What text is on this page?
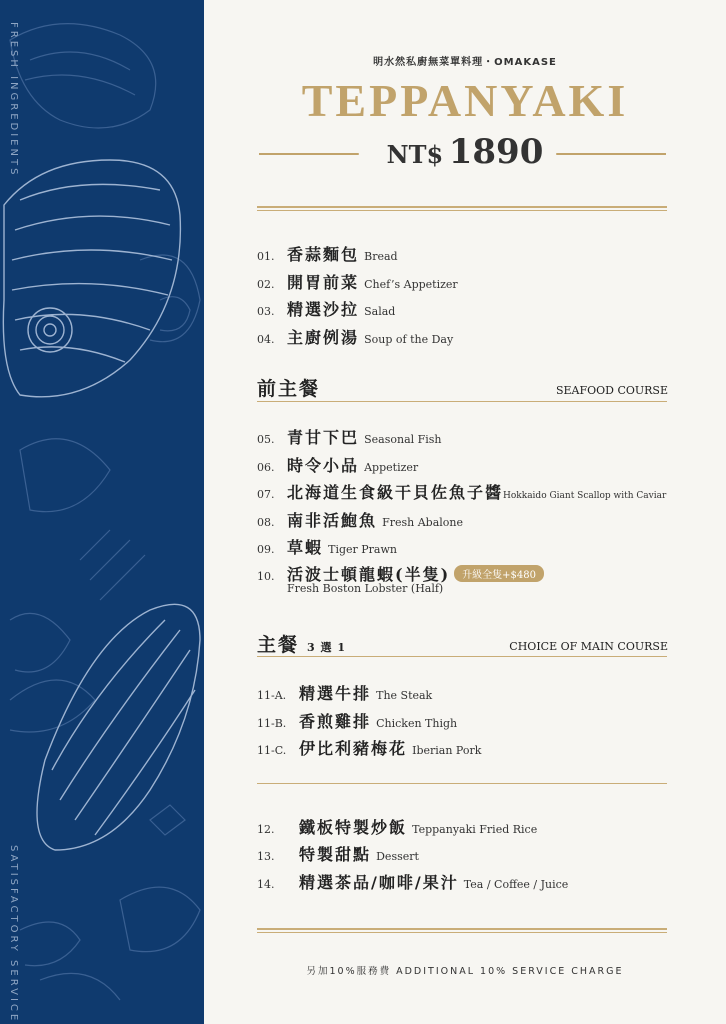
FRESH INGREDIENTS
SATISFACTORY SERVICE
明水然私廚無菜單料理・OMAKASE
TEPPANYAKI
NT$ 1890
01. 香蒜麵包 Bread
02. 開胃前菜 Chef’s Appetizer
03. 精選沙拉 Salad
04. 主廚例湯 Soup of the Day
前主餐	SEAFOOD COURSE
05. 青甘下巴 Seasonal Fish
06. 時令小品 Appetizer
07. 北海道生食級干貝佐魚子醬Hokkaido Giant Scallop with Caviar
08. 南非活鮑魚 Fresh Abalone
09. 草蝦 Tiger Prawn
10. 活波士頓龍蝦(半隻) 升級全隻+$480
Fresh Boston Lobster (Half)
主餐 3 選 1	CHOICE OF MAIN COURSE
11-A. 精選牛排 The Steak
11-B. 香煎雞排 Chicken Thigh
11-C. 伊比利豬梅花 Iberian Pork
12. 鐵板特製炒飯 Teppanyaki Fried Rice
13. 特製甜點 Dessert
14. 精選茶品/咖啡/果汁 Tea / Coffee / Juice
另加10%服務費 ADDITIONAL 10% SERVICE CHARGE
